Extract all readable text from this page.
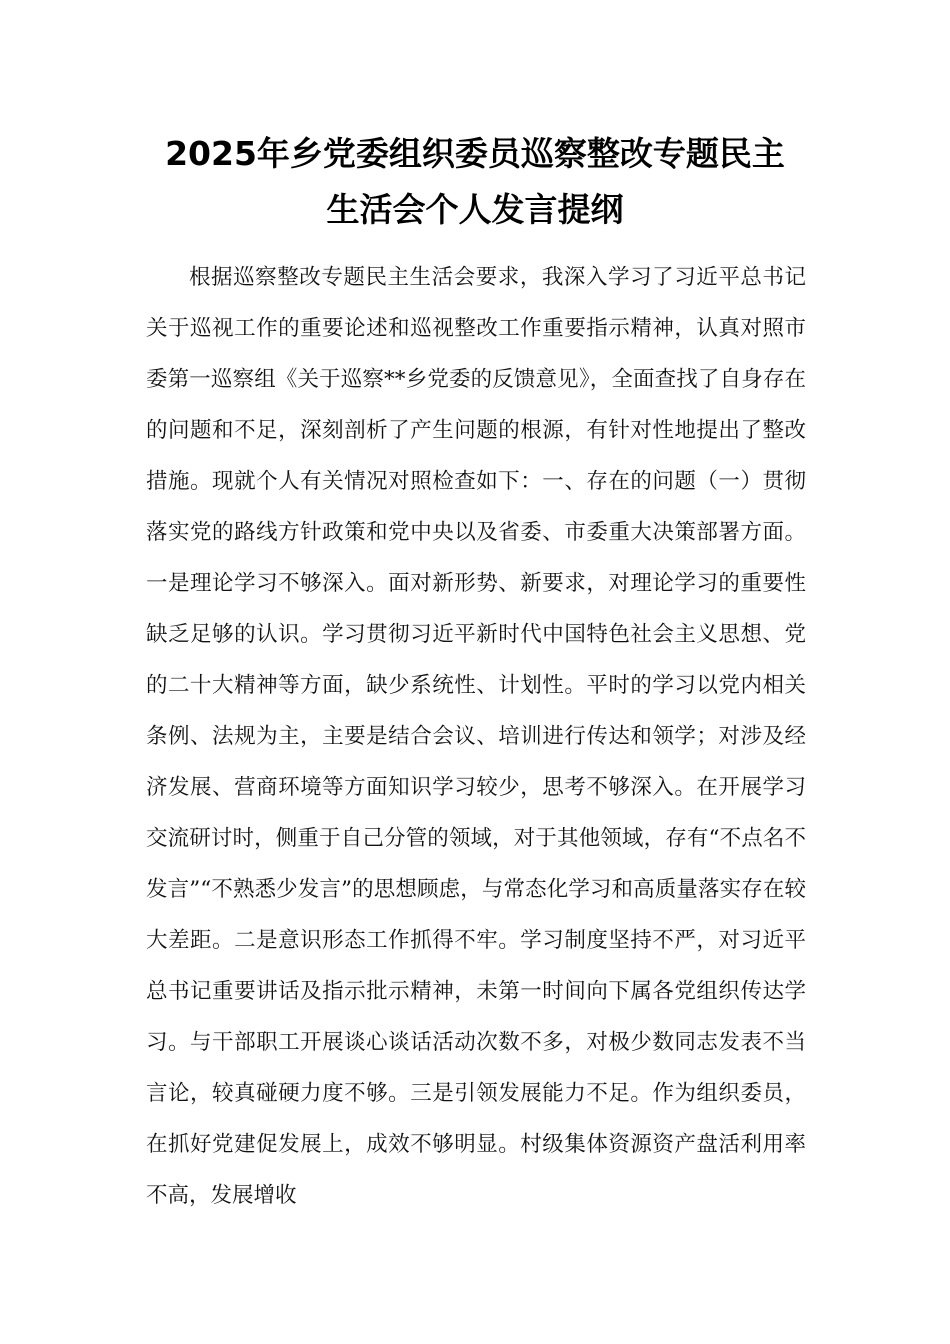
2025年乡党委组织委员巡察整改专题民主
生活会个人发言提纲

根据巡察整改专题民主生活会要求，我深入学习了习近平总书记关于巡视工作的重要论述和巡视整改工作重要指示精神，认真对照市委第一巡察组《关于巡察**乡党委的反馈意见》，全面查找了自身存在的问题和不足，深刻剖析了产生问题的根源，有针对性地提出了整改措施。现就个人有关情况对照检查如下：一、存在的问题（一）贯彻落实党的路线方针政策和党中央以及省委、市委重大决策部署方面。一是理论学习不够深入。面对新形势、新要求，对理论学习的重要性缺乏足够的认识。学习贯彻习近平新时代中国特色社会主义思想、党的二十大精神等方面，缺少系统性、计划性。平时的学习以党内相关条例、法规为主，主要是结合会议、培训进行传达和领学；对涉及经济发展、营商环境等方面知识学习较少，思考不够深入。在开展学习交流研讨时，侧重于自己分管的领域，对于其他领域，存有“不点名不发言”“不熟悉少发言”的思想顾虑，与常态化学习和高质量落实存在较大差距。二是意识形态工作抓得不牢。学习制度坚持不严，对习近平总书记重要讲话及指示批示精神，未第一时间向下属各党组织传达学习。与干部职工开展谈心谈话活动次数不多，对极少数同志发表不当言论，较真碰硬力度不够。三是引领发展能力不足。作为组织委员，在抓好党建促发展上，成效不够明显。村级集体资源资产盘活利用率不高，发展增收
